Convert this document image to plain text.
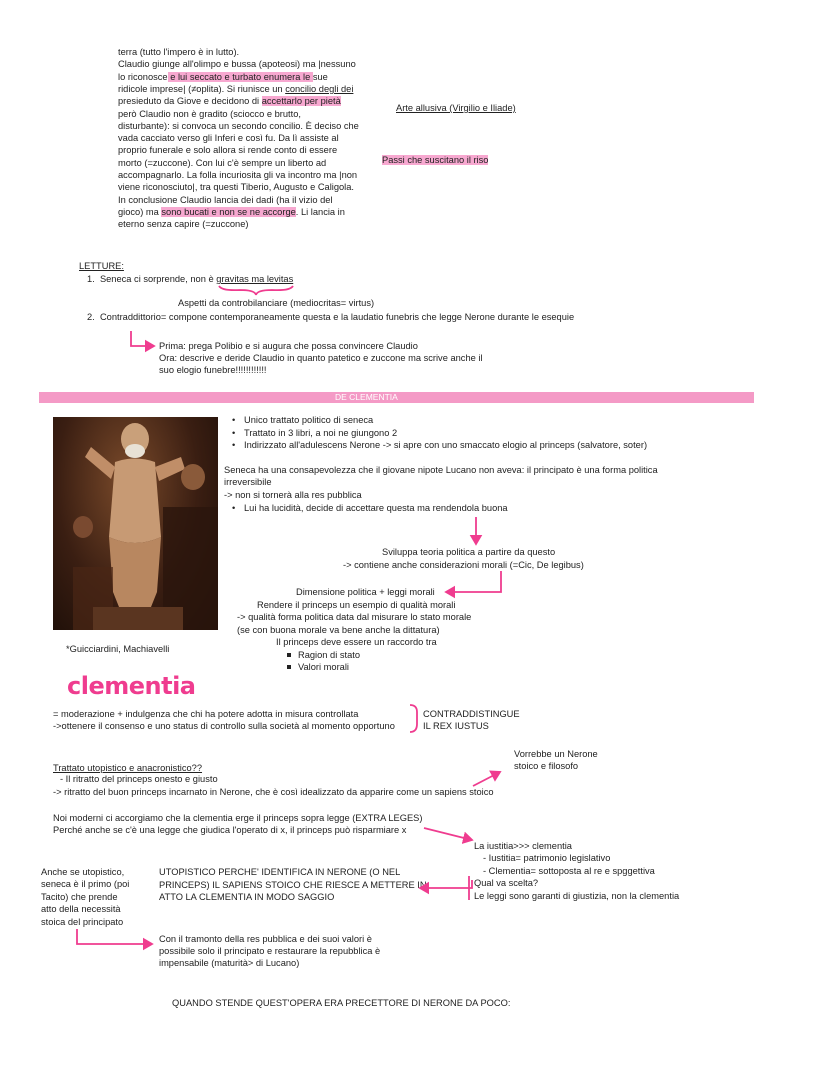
terra (tutto l'impero è in lutto).
Claudio giunge all'olimpo e bussa (apoteosi) ma |nessuno
lo riconosce e lui seccato e turbato enumera le sue
ridicole imprese| (≠oplita). Si riunisce un concilio degli dei
presieduto da Giove e decidono di accettarlo per pietà
però Claudio non è gradito (sciocco e brutto,
disturbante): si convoca un secondo concilio. È deciso che
vada cacciato verso gli Inferi e così fu. Da lì assiste al
proprio funerale e solo allora si rende conto di essere
morto (=zuccone). Con lui c'è sempre un liberto ad
accompagnarlo. La folla incuriosita gli va incontro ma |non
viene riconosciuto|, tra questi Tiberio, Augusto e Caligola.
In conclusione Claudio lancia dei dadi (ha il vizio del
gioco) ma sono bucati e non se ne accorge. Li lancia in
eterno senza capire (=zuccone)
Arte allusiva (Virgilio e Iliade)
Passi che suscitano il riso
LETTURE:
1. Seneca ci sorprende, non è gravitas ma levitas
Aspetti da controbilanciare (mediocritas= virtus)
2. Contraddittorio= compone contemporaneamente questa e la laudatio funebris che legge Nerone durante le esequie
Prima: prega Polibio e si augura che possa convincere Claudio
Ora: descrive e deride Claudio in quanto patetico e zuccone ma scrive anche il
suo elogio funebre!!!!!!!!!!!!
DE CLEMENTIA
• Unico trattato politico di seneca
• Trattato in 3 libri, a noi ne giungono 2
• Indirizzato all'adulescens Nerone -> si apre con uno smaccato elogio al princeps (salvatore, soter)
Seneca ha una consapevolezza che il giovane nipote Lucano non aveva: il principato è una forma politica
irreversibile
-> non si tornerà alla res pubblica
• Lui ha lucidità, decide di accettare questa ma rendendola buona
Sviluppa teoria politica a partire da questo
-> contiene anche considerazioni morali (=Cic, De legibus)
Dimensione politica + leggi morali
Rendere il princeps un esempio di qualità morali
-> qualità forma politica data dal misurare lo stato morale
(se con buona morale va bene anche la dittatura)
Il princeps deve essere un raccordo tra
Ragion di stato
Valori morali
*Guicciardini, Machiavelli
clementia
= moderazione + indulgenza che chi ha potere adotta in misura controllata
->ottenere il consenso e uno status di controllo sulla società al momento opportuno
CONTRADDISTINGUE
IL REX IUSTUS
Vorrebbe un Nerone
stoico e filosofo
Trattato utopistico e anacronistico??
- Il ritratto del princeps onesto e giusto
-> ritratto del buon princeps incarnato in Nerone, che è così idealizzato da apparire come un sapiens stoico
Noi moderni ci accorgiamo che la clementia erge il princeps sopra legge (EXTRA LEGES)
Perché anche se c'è una legge che giudica l'operato di x, il princeps può risparmiare x
La iustitia>>> clementia
- Iustitia= patrimonio legislativo
- Clementia= sottoposta al re e spggettiva
Qual va scelta?
Le leggi sono garanti di giustizia, non la clementia
Anche se utopistico,
seneca è il primo (poi
Tacito) che prende
atto della necessità
stoica del principato
UTOPISTICO PERCHE' IDENTIFICA IN NERONE (O NEL
PRINCEPS) IL SAPIENS STOICO CHE RIESCE A METTERE IN
ATTO LA CLEMENTIA IN MODO SAGGIO
Con il tramonto della res pubblica e dei suoi valori è
possibile solo il principato e restaurare la repubblica è
impensabile (maturità> di Lucano)
QUANDO STENDE QUEST'OPERA ERA PRECETTORE DI NERONE DA POCO:
